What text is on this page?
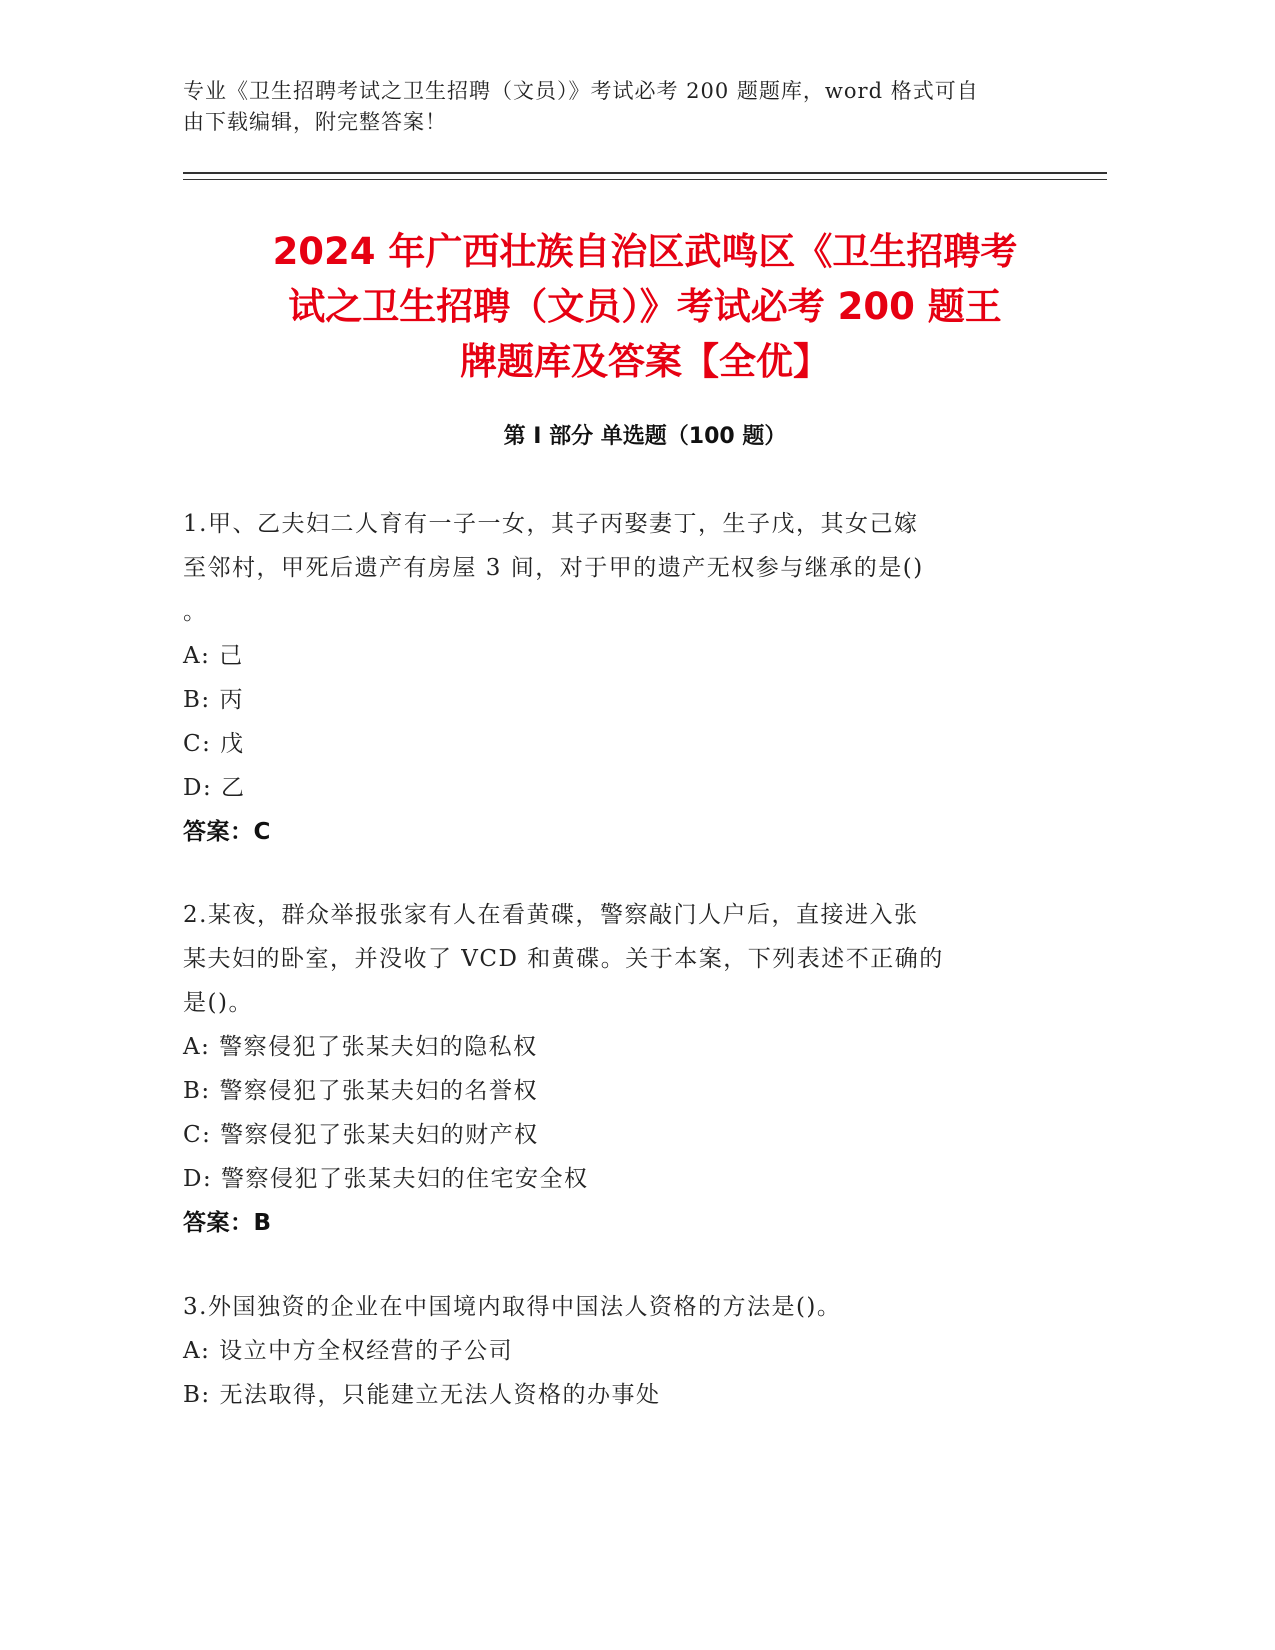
专业《卫生招聘考试之卫生招聘（文员）》考试必考 200 题题库，word 格式可自
由下载编辑，附完整答案！
2024 年广西壮族自治区武鸣区《卫生招聘考
试之卫生招聘（文员）》考试必考 200 题王
牌题库及答案【全优】
第 I 部分 单选题（100 题）
1.甲、乙夫妇二人育有一子一女，其子丙娶妻丁，生子戊，其女己嫁
至邻村，甲死后遗产有房屋 3 间，对于甲的遗产无权参与继承的是()
。
A: 己
B: 丙
C: 戊
D: 乙
答案：C
2.某夜，群众举报张家有人在看黄碟，警察敲门人户后，直接进入张
某夫妇的卧室，并没收了 VCD 和黄碟。关于本案，下列表述不正确的
是()。
A: 警察侵犯了张某夫妇的隐私权
B: 警察侵犯了张某夫妇的名誉权
C: 警察侵犯了张某夫妇的财产权
D: 警察侵犯了张某夫妇的住宅安全权
答案：B
3.外国独资的企业在中国境内取得中国法人资格的方法是()。
A: 设立中方全权经营的子公司
B: 无法取得，只能建立无法人资格的办事处
